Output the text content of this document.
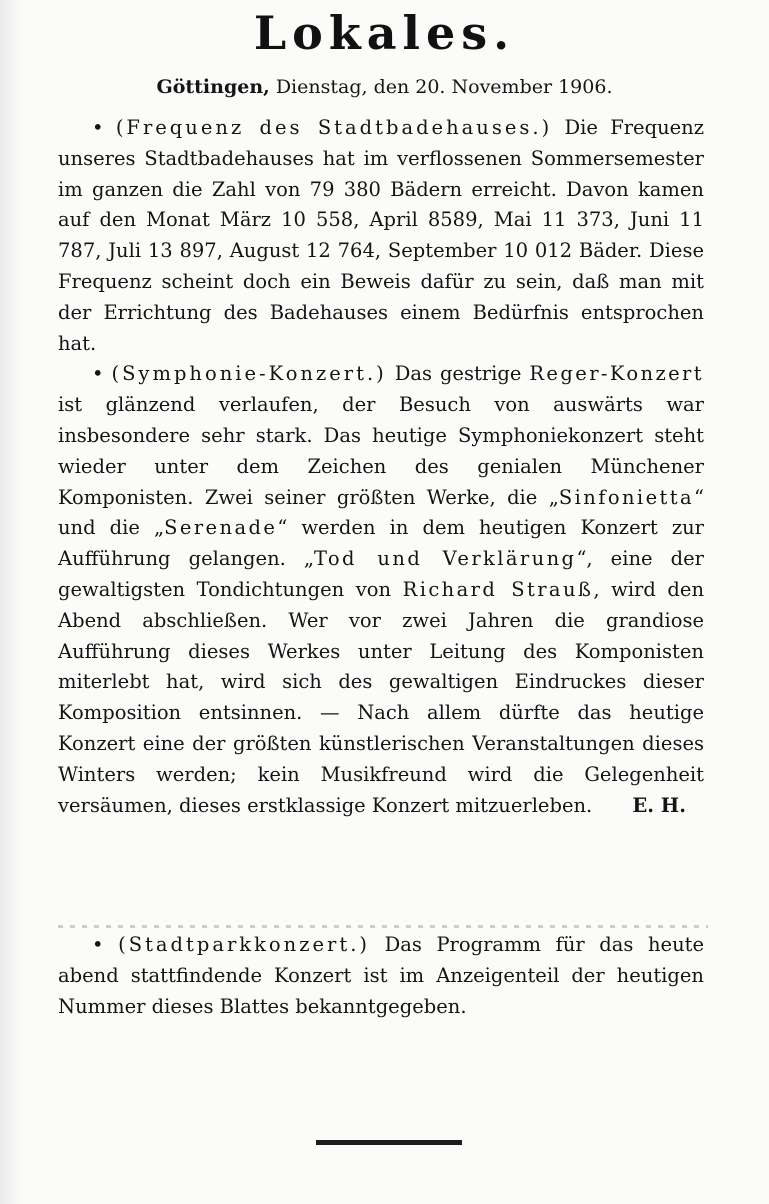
Lokales.
Göttingen, Dienstag, den 20. November 1906.

• (Frequenz des Stadtbadehauses.) Die Frequenz unseres Stadtbadehauses hat im verflossenen Sommersemester im ganzen die Zahl von 79 380 Bädern erreicht. Davon kamen auf den Monat März 10 558, April 8589, Mai 11 373, Juni 11 787, Juli 13 897, August 12 764, September 10 012 Bäder. Diese Frequenz scheint doch ein Beweis dafür zu sein, daß man mit der Errichtung des Badehauses einem Bedürfnis entsprochen hat.

• (Symphonie-Konzert.) Das gestrige Reger-Konzert ist glänzend verlaufen, der Besuch von auswärts war insbesondere sehr stark. Das heutige Symphoniekonzert steht wieder unter dem Zeichen des genialen Münchener Komponisten. Zwei seiner größten Werke, die „Sinfonietta“ und die „Serenade“ werden in dem heutigen Konzert zur Aufführung gelangen. „Tod und Verklärung“, eine der gewaltigsten Tondichtungen von Richard Strauß, wird den Abend abschließen. Wer vor zwei Jahren die grandiose Aufführung dieses Werkes unter Leitung des Komponisten miterlebt hat, wird sich des gewaltigen Eindruckes dieser Komposition entsinnen. — Nach allem dürfte das heutige Konzert eine der größten künstlerischen Veranstaltungen dieses Winters werden; kein Musikfreund wird die Gelegenheit versäumen, dieses erstklassige Konzert mitzuerleben.	E. H.

• (Stadtparkkonzert.) Das Programm für das heute abend stattfindende Konzert ist im Anzeigenteil der heutigen Nummer dieses Blattes bekanntgegeben.
